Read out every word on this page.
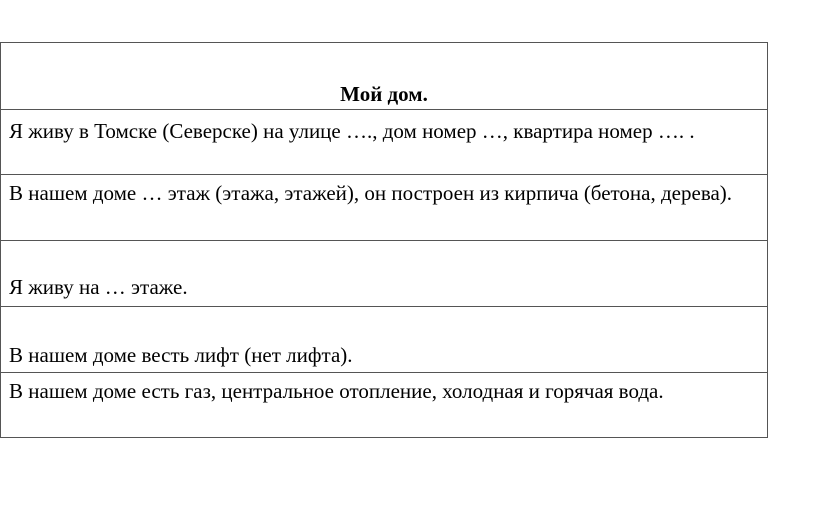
Мой дом.
Я живу в Томске (Северске) на улице …., дом номер …, квартира номер …. .
В нашем доме … этаж (этажа, этажей), он построен из кирпича (бетона, дерева).
Я живу на … этаже.
В нашем доме весть лифт (нет лифта).
В нашем доме есть газ, центральное отопление, холодная и горячая вода.
